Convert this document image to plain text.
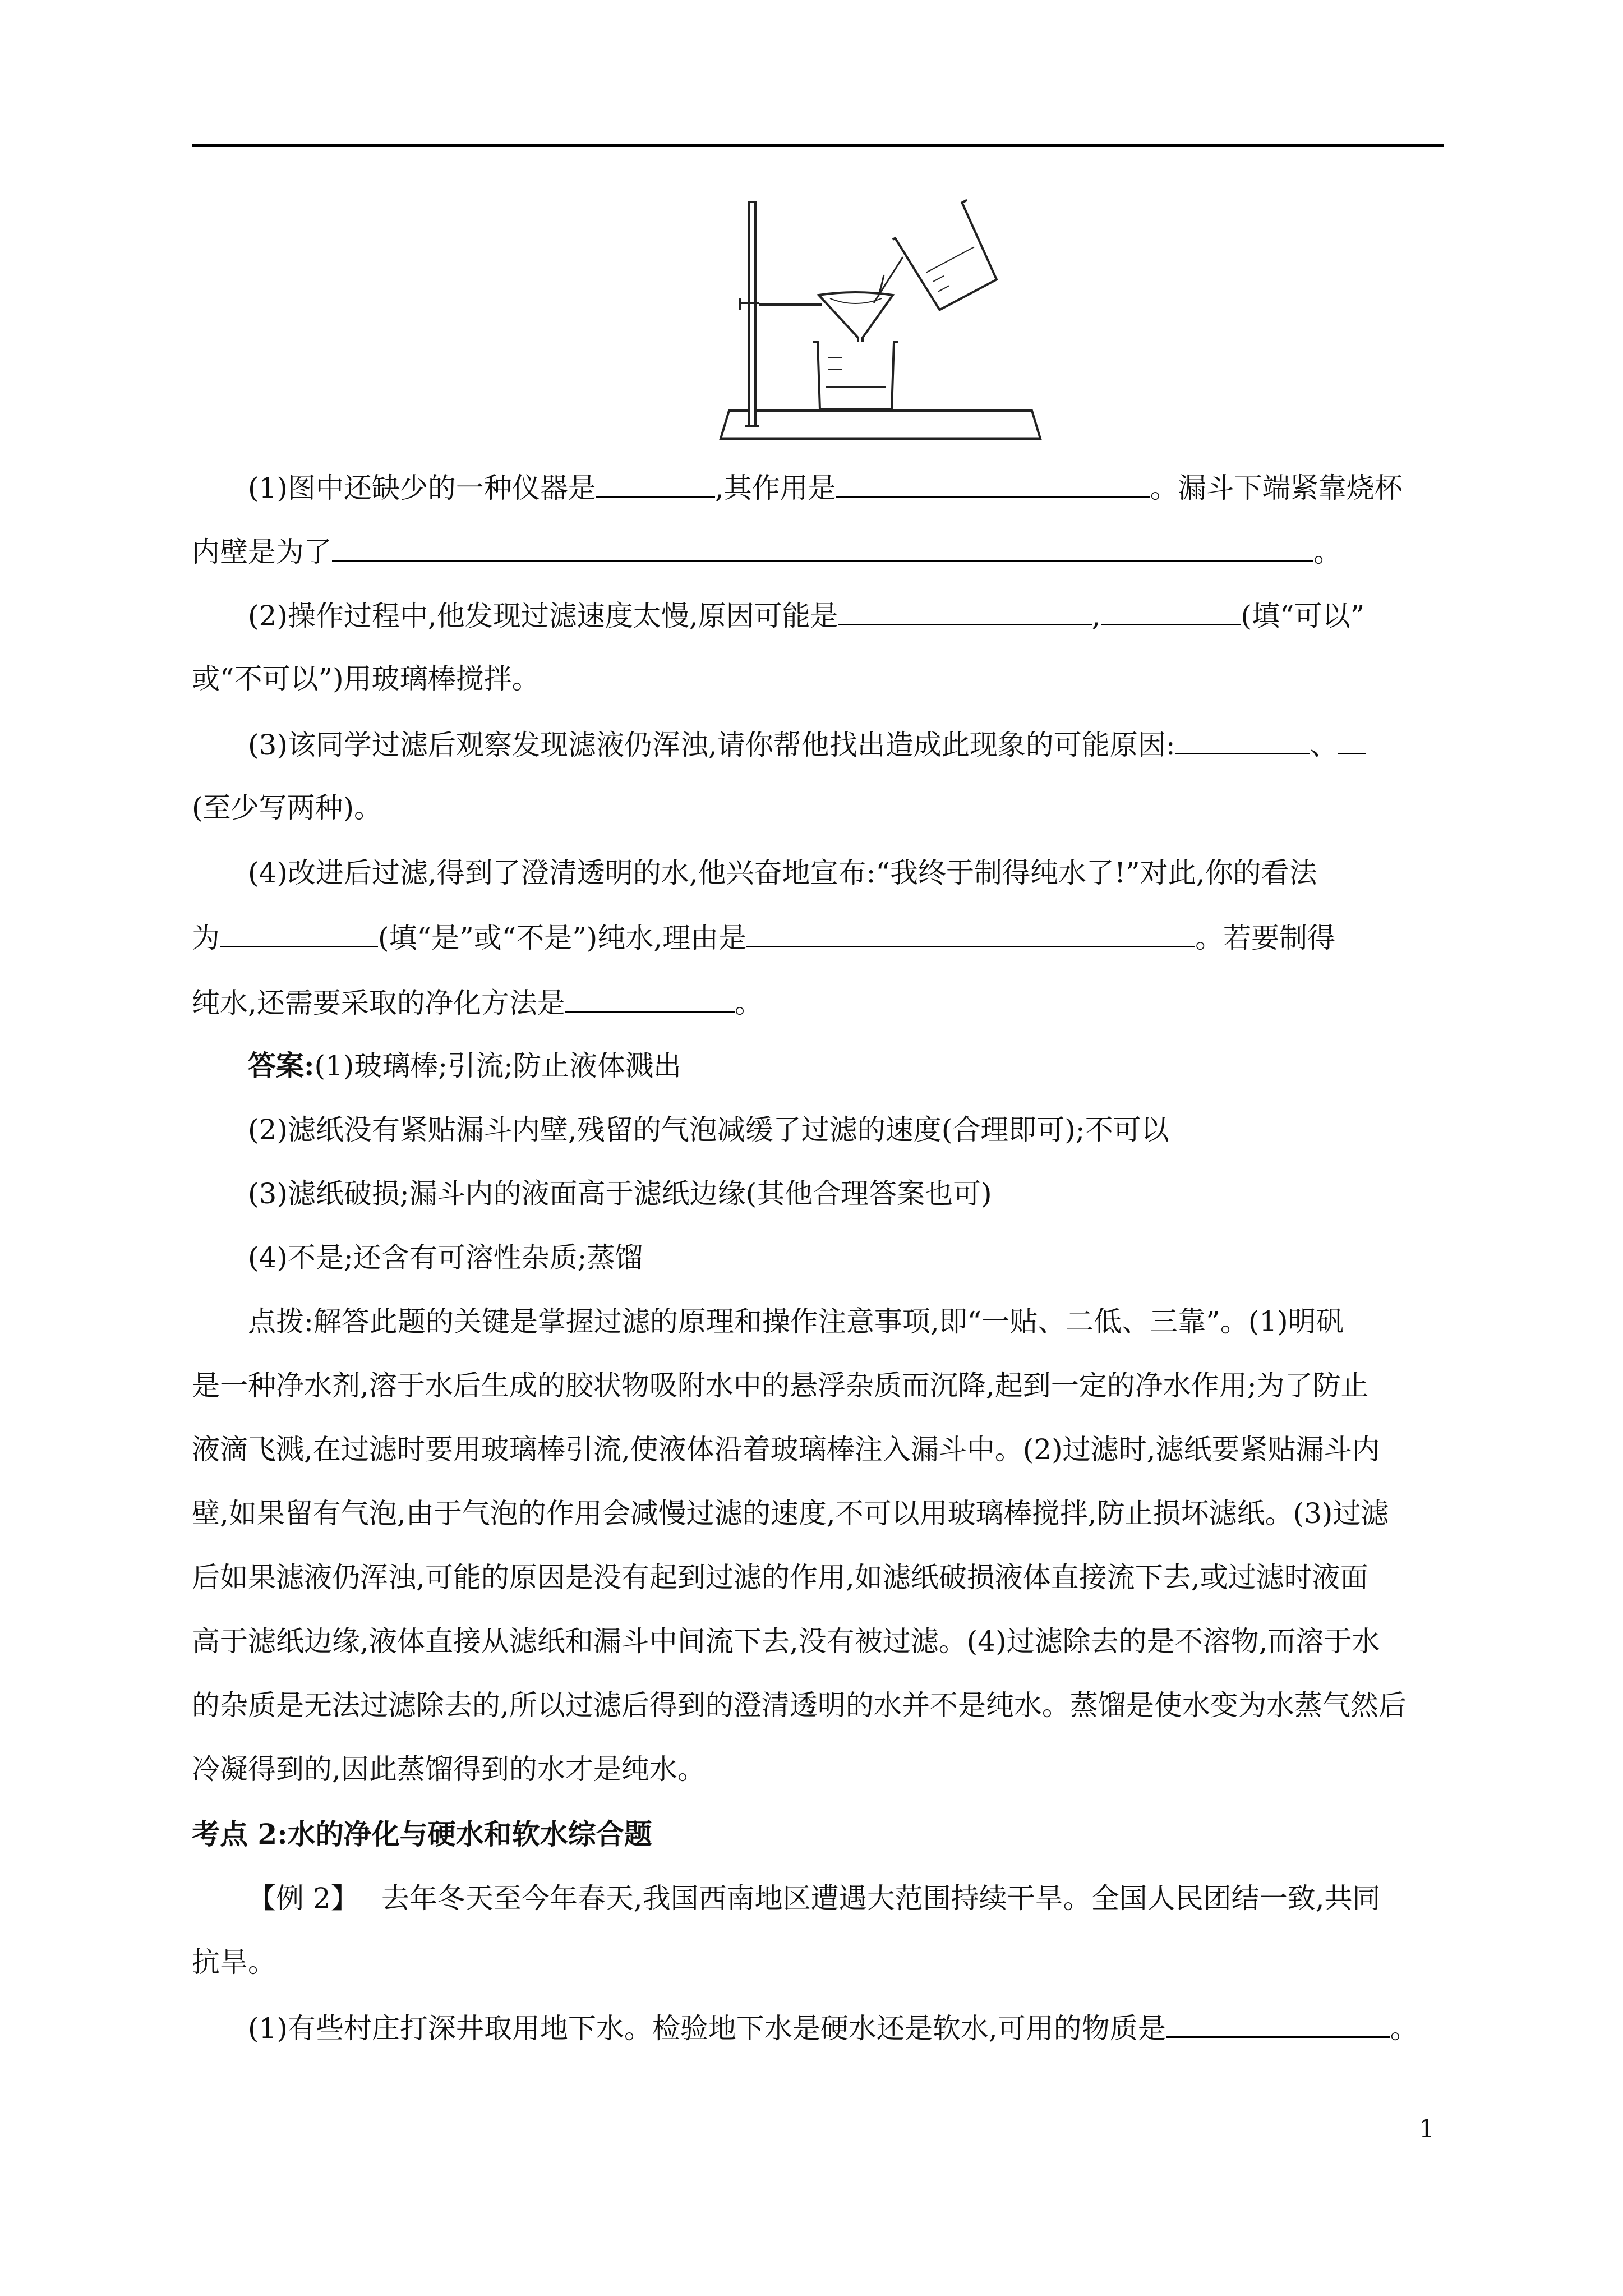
(1)图中还缺少的一种仪器是	,其作用是	。漏斗下端紧靠烧杯
内壁是为了	。
(2)操作过程中,他发现过滤速度太慢,原因可能是	,	(填“可以”
或“不可以”)用玻璃棒搅拌。
(3)该同学过滤后观察发现滤液仍浑浊,请你帮他找出造成此现象的可能原因:	、
(至少写两种)。
(4)改进后过滤,得到了澄清透明的水,他兴奋地宣布:“我终于制得纯水了!”对此,你的看法
为	(填“是”或“不是”)纯水,理由是	。若要制得
纯水,还需要采取的净化方法是	。
答案:(1)玻璃棒;引流;防止液体溅出
(2)滤纸没有紧贴漏斗内壁,残留的气泡减缓了过滤的速度(合理即可);不可以
(3)滤纸破损;漏斗内的液面高于滤纸边缘(其他合理答案也可)
(4)不是;还含有可溶性杂质;蒸馏
点拨:解答此题的关键是掌握过滤的原理和操作注意事项,即“一贴、二低、三靠”。(1)明矾
是一种净水剂,溶于水后生成的胶状物吸附水中的悬浮杂质而沉降,起到一定的净水作用;为了防止
液滴飞溅,在过滤时要用玻璃棒引流,使液体沿着玻璃棒注入漏斗中。(2)过滤时,滤纸要紧贴漏斗内
壁,如果留有气泡,由于气泡的作用会减慢过滤的速度,不可以用玻璃棒搅拌,防止损坏滤纸。(3)过滤
后如果滤液仍浑浊,可能的原因是没有起到过滤的作用,如滤纸破损液体直接流下去,或过滤时液面
高于滤纸边缘,液体直接从滤纸和漏斗中间流下去,没有被过滤。(4)过滤除去的是不溶物,而溶于水
的杂质是无法过滤除去的,所以过滤后得到的澄清透明的水并不是纯水。蒸馏是使水变为水蒸气然后
冷凝得到的,因此蒸馏得到的水才是纯水。
考点 2:水的净化与硬水和软水综合题
【例 2】 去年冬天至今年春天,我国西南地区遭遇大范围持续干旱。全国人民团结一致,共同
抗旱。
(1)有些村庄打深井取用地下水。检验地下水是硬水还是软水,可用的物质是	。
1
